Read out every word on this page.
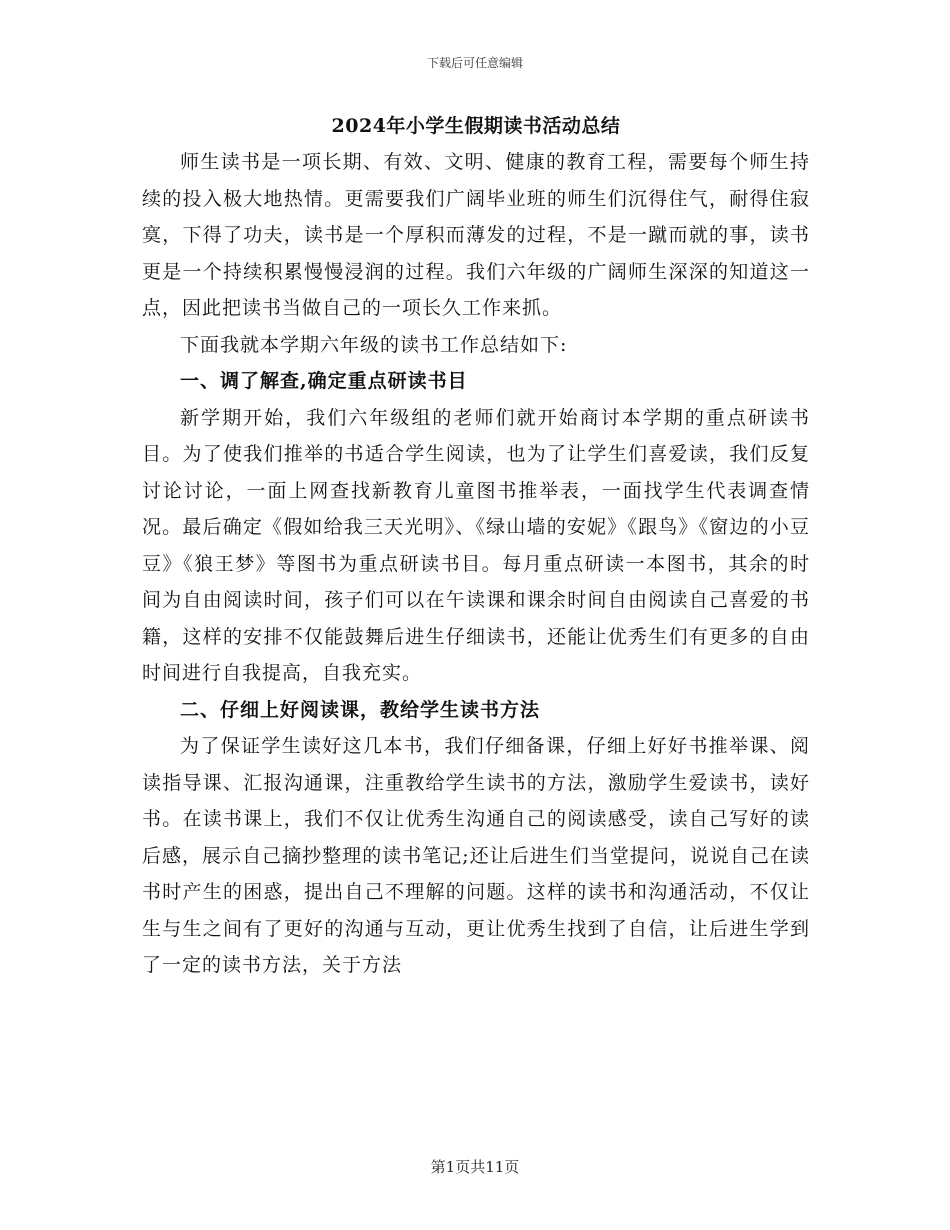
下载后可任意编辑

2024年小学生假期读书活动总结

师生读书是一项长期、有效、文明、健康的教育工程，需要每个师生持续的投入极大地热情。更需要我们广阔毕业班的师生们沉得住气，耐得住寂寞，下得了功夫，读书是一个厚积而薄发的过程，不是一蹴而就的事，读书更是一个持续积累慢慢浸润的过程。我们六年级的广阔师生深深的知道这一点，因此把读书当做自己的一项长久工作来抓。

下面我就本学期六年级的读书工作总结如下:

一、调了解查,确定重点研读书目

新学期开始，我们六年级组的老师们就开始商讨本学期的重点研读书目。为了使我们推举的书适合学生阅读，也为了让学生们喜爱读，我们反复讨论讨论，一面上网查找新教育儿童图书推举表，一面找学生代表调查情况。最后确定《假如给我三天光明》、《绿山墙的安妮》《跟鸟》《窗边的小豆豆》《狼王梦》等图书为重点研读书目。每月重点研读一本图书，其余的时间为自由阅读时间，孩子们可以在午读课和课余时间自由阅读自己喜爱的书籍，这样的安排不仅能鼓舞后进生仔细读书，还能让优秀生们有更多的自由时间进行自我提高，自我充实。

二、仔细上好阅读课，教给学生读书方法

为了保证学生读好这几本书，我们仔细备课，仔细上好好书推举课、阅读指导课、汇报沟通课，注重教给学生读书的方法，激励学生爱读书，读好书。在读书课上，我们不仅让优秀生沟通自己的阅读感受，读自己写好的读后感，展示自己摘抄整理的读书笔记;还让后进生们当堂提问，说说自己在读书时产生的困惑，提出自己不理解的问题。这样的读书和沟通活动，不仅让生与生之间有了更好的沟通与互动，更让优秀生找到了自信，让后进生学到了一定的读书方法，关于方法

第1页共11页
